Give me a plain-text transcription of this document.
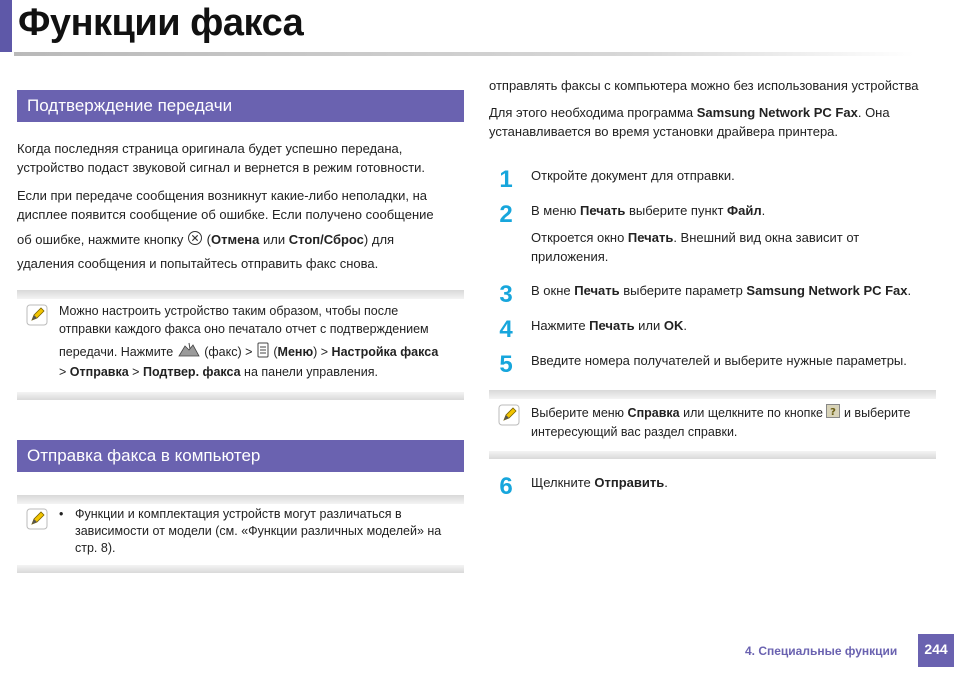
Функции факса
Подтверждение передачи
Когда последняя страница оригинала будет успешно передана, устройство подаст звуковой сигнал и вернется в режим готовности.
Если при передаче сообщения возникнут какие-либо неполадки, на
дисплее появится сообщение об ошибке. Если получено сообщение
об ошибке, нажмите кнопку (Отмена или Стоп/Сброс) для
удаления сообщения и попытайтесь отправить факс снова.
Можно настроить устройство таким образом, чтобы после
отправки каждого факса оно печатало отчет с подтверждением
передачи. Нажмите (факс) > (Меню) > Настройка факса
> Отправка > Подтвер. факса на панели управления.
Отправка факса в компьютер
• Функции и комплектация устройств могут различаться в зависимости от модели (см. «Функции различных моделей» на стр. 8).
отправлять факсы с компьютера можно без использования устройства
Для этого необходима программа Samsung Network PC Fax. Она
устанавливается во время установки драйвера принтера.
1	Откройте документ для отправки.
2	В меню Печать выберите пункт Файл.
Откроется окно Печать. Внешний вид окна зависит от
приложения.
3	В окне Печать выберите параметр Samsung Network PC Fax.
4	Нажмите Печать или OK.
5	Введите номера получателей и выберите нужные параметры.
Выберите меню Справка или щелкните по кнопке ? и выберите
интересующий вас раздел справки.
6	Щелкните Отправить.
4. Специальные функции	244
